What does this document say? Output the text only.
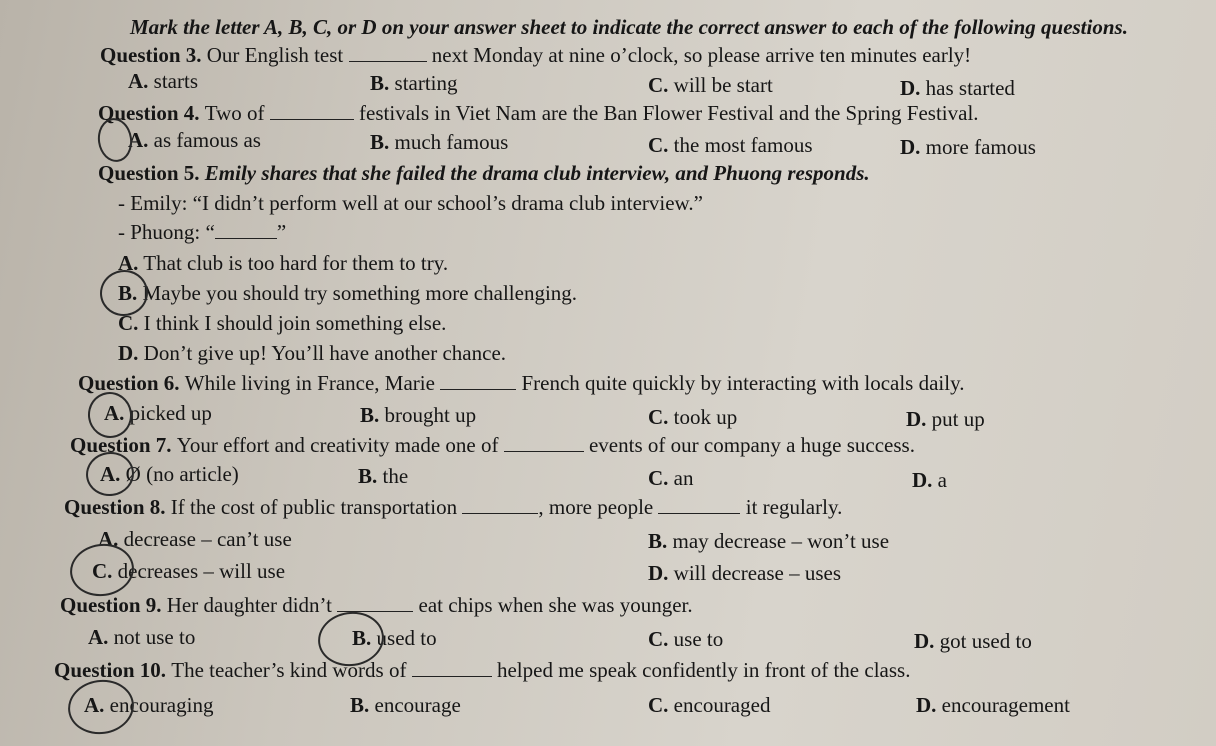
Mark the letter A, B, C, or D on your answer sheet to indicate the correct answer to each of the following questions.
Question 3. Our English test	next Monday at nine o’clock, so please arrive ten minutes early!
A. starts	B. starting	C. will be start	D. has started
Question 4. Two of	festivals in Viet Nam are the Ban Flower Festival and the Spring Festival.
A. as famous as	B. much famous	C. the most famous	D. more famous
Question 5. Emily shares that she failed the drama club interview, and Phuong responds.
- Emily: “I didn’t perform well at our school’s drama club interview.”
- Phuong: “	”
A. That club is too hard for them to try.
B. Maybe you should try something more challenging.
C. I think I should join something else.
D. Don’t give up! You’ll have another chance.
Question 6. While living in France, Marie	French quite quickly by interacting with locals daily.
A. picked up	B. brought up	C. took up	D. put up
Question 7. Your effort and creativity made one of	events of our company a huge success.
A. Ø (no article)	B. the	C. an	D. a
Question 8. If the cost of public transportation	, more people	it regularly.
A. decrease – can’t use	B. may decrease – won’t use
C. decreases – will use	D. will decrease – uses
Question 9. Her daughter didn’t	eat chips when she was younger.
A. not use to	B. used to	C. use to	D. got used to
Question 10. The teacher’s kind words of	helped me speak confidently in front of the class.
A. encouraging	B. encourage	C. encouraged	D. encouragement
